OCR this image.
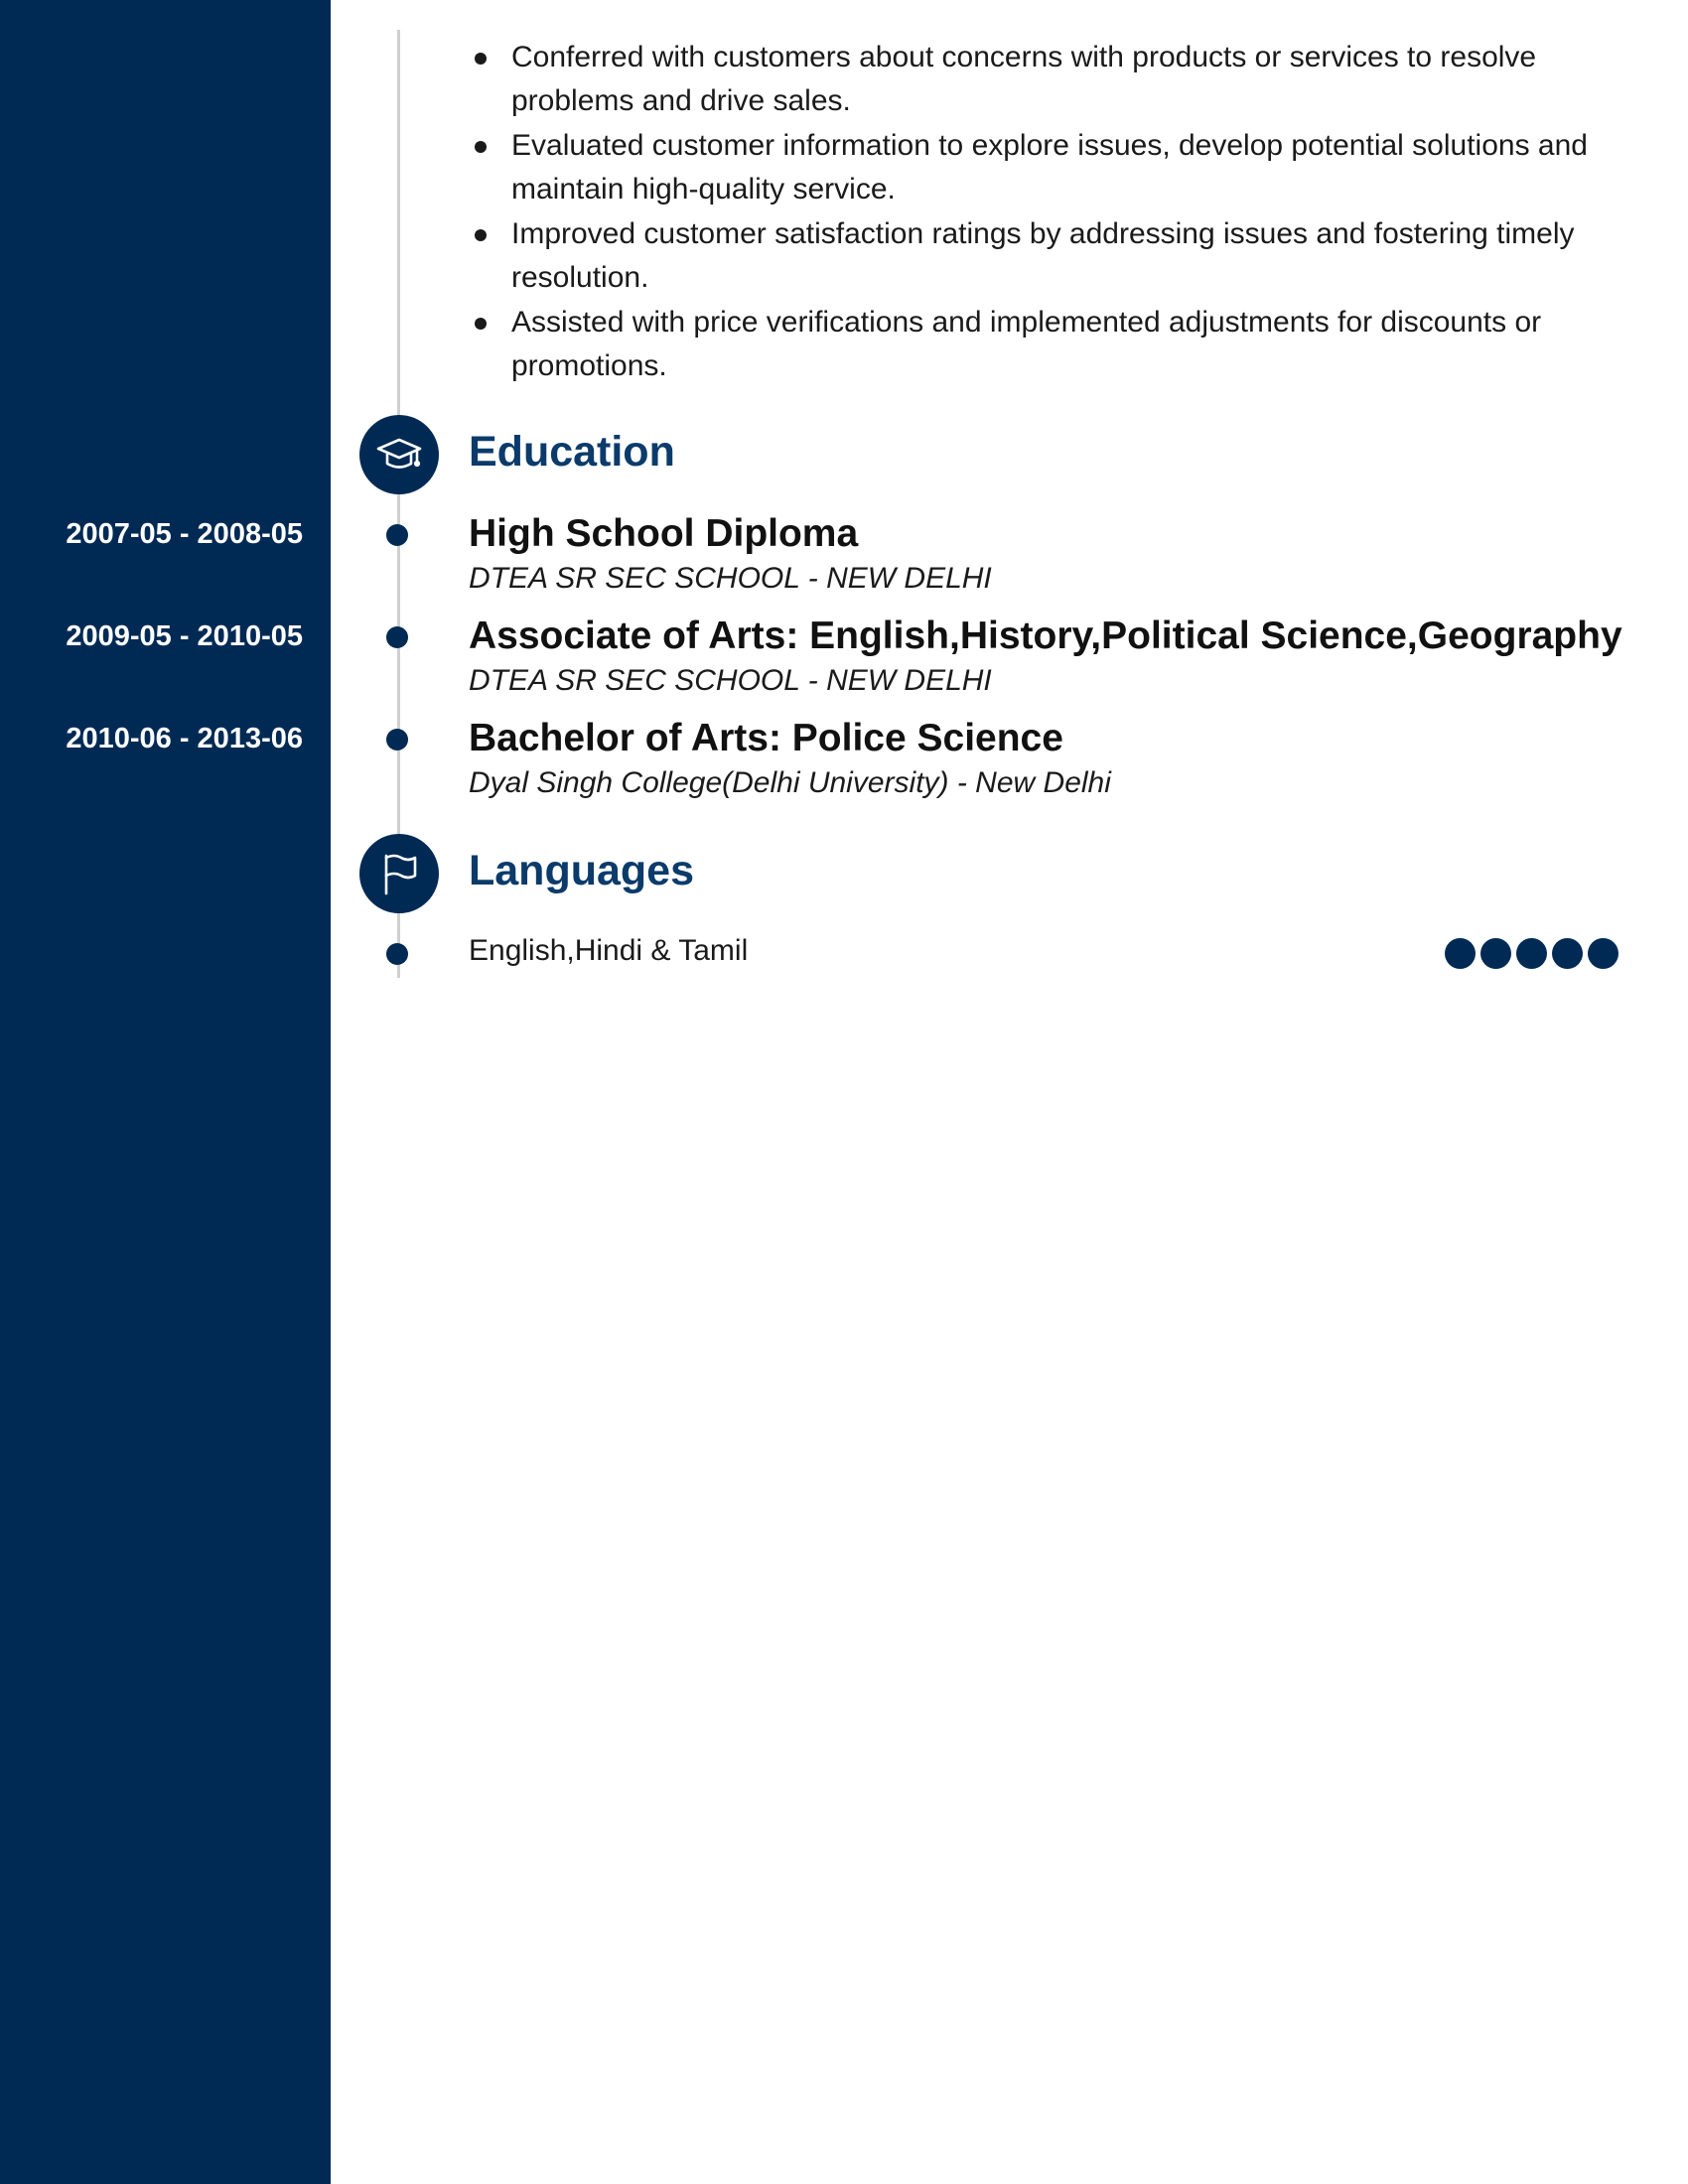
Conferred with customers about concerns with products or services to resolve problems and drive sales.
Evaluated customer information to explore issues, develop potential solutions and maintain high-quality service.
Improved customer satisfaction ratings by addressing issues and fostering timely resolution.
Assisted with price verifications and implemented adjustments for discounts or promotions.
Education
2007-05 - 2008-05	High School Diploma
DTEA SR SEC SCHOOL - NEW DELHI
2009-05 - 2010-05	Associate of Arts: English,History,Political Science,Geography
DTEA SR SEC SCHOOL - NEW DELHI
2010-06 - 2013-06	Bachelor of Arts: Police Science
Dyal Singh College(Delhi University) - New Delhi
Languages
English,Hindi & Tamil
